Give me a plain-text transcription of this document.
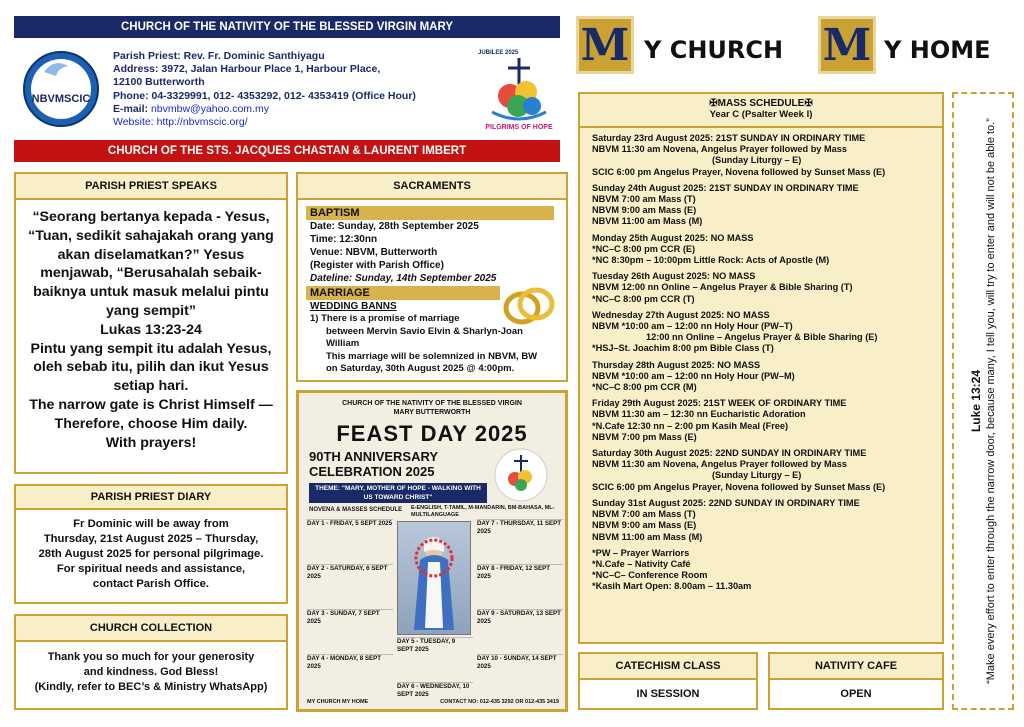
CHURCH OF THE NATIVITY OF THE BLESSED VIRGIN MARY
NBVMSCIC
Parish Priest: Rev. Fr. Dominic Santhiyagu
Address: 3972, Jalan Harbour Place 1, Harbour Place,
12100 Butterworth
Phone: 04-3329991, 012- 4353292, 012- 4353419 (Office Hour)
E-mail: nbvmbw@yahoo.com.my
Website: http://nbvmscic.org/
JUBILEE 2025
PILGRIMS OF HOPE
CHURCH OF THE STS. JACQUES CHASTAN & LAURENT IMBERT
M Y CHURCH M Y HOME
PARISH PRIEST SPEAKS
“Seorang bertanya kepada - Yesus,
“Tuan, sedikit sahajakah orang yang
akan diselamatkan?” Yesus
menjawab, “Berusahalah sebaik-
baiknya untuk masuk melalui pintu
yang sempit”
Lukas 13:23-24
Pintu yang sempit itu adalah Yesus,
oleh sebab itu, pilih dan ikut Yesus
setiap hari.
The narrow gate is Christ Himself —
Therefore, choose Him daily.
With prayers!
PARISH PRIEST DIARY
Fr Dominic will be away from
Thursday, 21st August 2025 – Thursday,
28th August 2025 for personal pilgrimage.
For spiritual needs and assistance,
contact Parish Office.
CHURCH COLLECTION
Thank you so much for your generosity
and kindness. God Bless!
(Kindly, refer to BEC’s & Ministry WhatsApp)
SACRAMENTS
BAPTISM
Date: Sunday, 28th September 2025
Time: 12:30nn
Venue: NBVM, Butterworth
(Register with Parish Office)
Dateline: Sunday, 14th September 2025
MARRIAGE
WEDDING BANNS
1) There is a promise of marriage
between Mervin Savio Elvin & Sharlyn-Joan William
This marriage will be solemnized in NBVM, BW
on Saturday, 30th August 2025 @ 4:00pm.
CHURCH OF THE NATIVITY OF THE BLESSED VIRGIN MARY BUTTERWORTH
FEAST DAY 2025
90TH ANNIVERSARY
CELEBRATION 2025
THEME: "MARY, MOTHER OF HOPE - WALKING WITH US TOWARD CHRIST"
NOVENA & MASSES SCHEDULE E-ENGLISH, T-TAMIL, M-MANDARIN, BM-BAHASA, ML-MULTILANGUAGE
DAY 1 - FRIDAY, 5 SEPT 2025
DAY 2 - SATURDAY, 6 SEPT 2025
DAY 3 - SUNDAY, 7 SEPT 2025
DAY 4 - MONDAY, 8 SEPT 2025
DAY 5 - TUESDAY, 9 SEPT 2025
DAY 6 - WEDNESDAY, 10 SEPT 2025
DAY 7 - THURSDAY, 11 SEPT 2025
DAY 8 - FRIDAY, 12 SEPT 2025
DAY 9 - SATURDAY, 13 SEPT 2025
DAY 10 - SUNDAY, 14 SEPT 2025
MY CHURCH MY HOME	CONTACT NO: 012-435 3292 OR 012-435 3419
✠MASS SCHEDULE✠
Year C (Psalter Week I)
Saturday 23rd August 2025: 21ST SUNDAY IN ORDINARY TIME
NBVM 11:30 am Novena, Angelus Prayer followed by Mass
(Sunday Liturgy – E)
SCIC 6:00 pm Angelus Prayer, Novena followed by Sunset Mass (E)
Sunday 24th August 2025: 21ST SUNDAY IN ORDINARY TIME
NBVM 7:00 am Mass (T)
NBVM 9:00 am Mass (E)
NBVM 11:00 am Mass (M)
Monday 25th August 2025: NO MASS
*NC–C 8:00 pm CCR (E)
*NC 8:30pm – 10:00pm Little Rock: Acts of Apostle (M)
Tuesday 26th August 2025: NO MASS
NBVM 12:00 nn Online – Angelus Prayer & Bible Sharing (T)
*NC–C 8:00 pm CCR (T)
Wednesday 27th August 2025: NO MASS
NBVM *10:00 am – 12:00 nn Holy Hour (PW–T)
12:00 nn Online – Angelus Prayer & Bible Sharing (E)
*HSJ–St. Joachim 8:00 pm Bible Class (T)
Thursday 28th August 2025: NO MASS
NBVM *10:00 am – 12:00 nn Holy Hour (PW–M)
*NC–C 8:00 pm CCR (M)
Friday 29th August 2025: 21ST WEEK OF ORDINARY TIME
NBVM 11:30 am – 12:30 nn Eucharistic Adoration
*N.Cafe 12:30 nn – 2:00 pm Kasih Meal (Free)
NBVM 7:00 pm Mass (E)
Saturday 30th August 2025: 22ND SUNDAY IN ORDINARY TIME
NBVM 11:30 am Novena, Angelus Prayer followed by Mass
(Sunday Liturgy – E)
SCIC 6:00 pm Angelus Prayer, Novena followed by Sunset Mass (E)
Sunday 31st August 2025: 22ND SUNDAY IN ORDINARY TIME
NBVM 7:00 am Mass (T)
NBVM 9:00 am Mass (E)
NBVM 11:00 am Mass (M)
*PW – Prayer Warriors
*N.Cafe – Nativity Café
*NC–C– Conference Room
*Kasih Mart Open: 8.00am – 11.30am
CATECHISM CLASS
IN SESSION
NATIVITY CAFE
OPEN
Luke 13:24 “Make every effort to enter through the narrow door, because many, I tell you, will try to enter and will not be able to.”
